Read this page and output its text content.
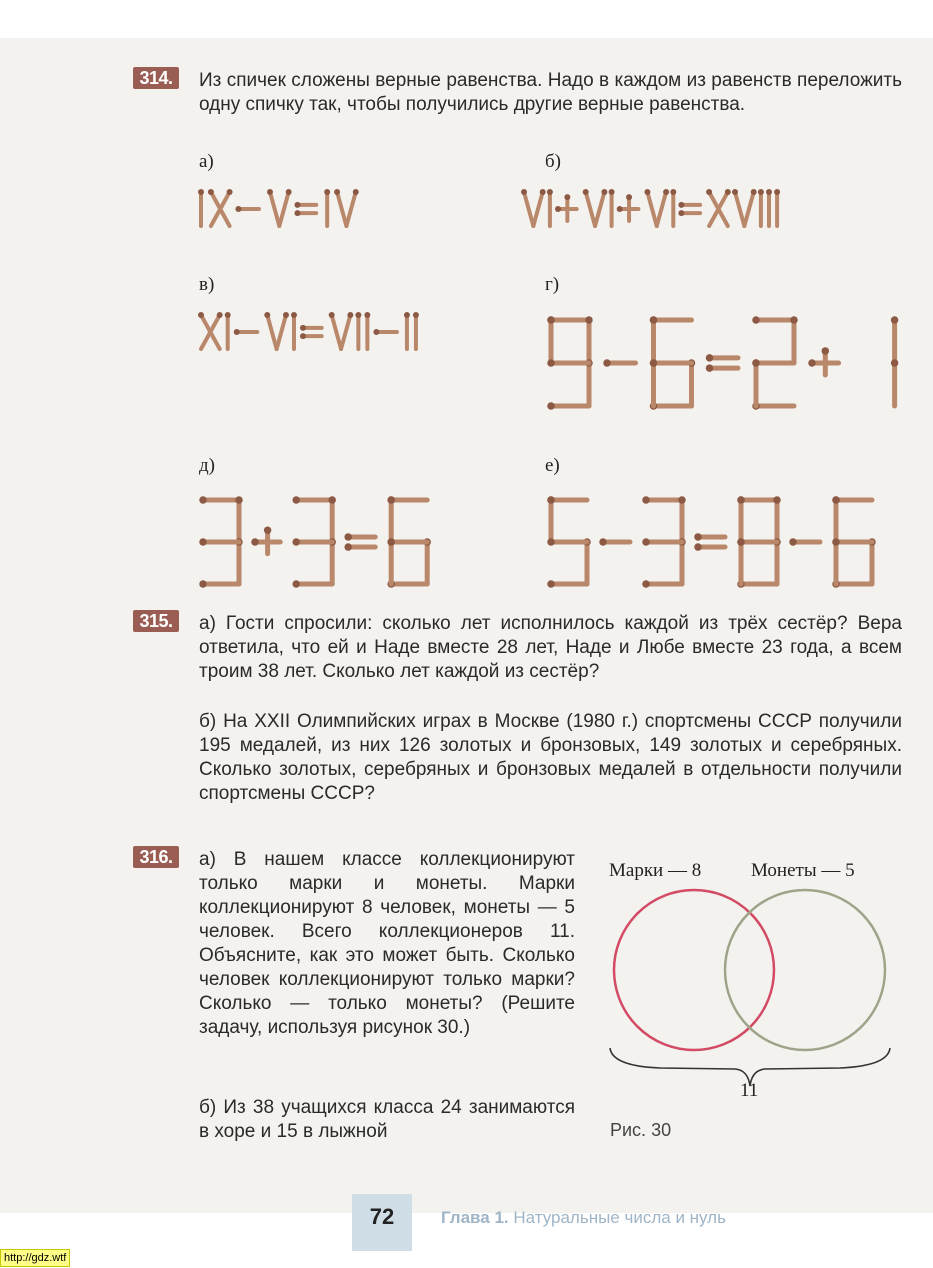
314.	Из спичек сложены верные равенства. Надо в каждом из равенств переложить одну спичку так, чтобы получились другие верные равенства.
а)	б)
в)	г)
д)	е)
315.	а) Гости спросили: сколько лет исполнилось каждой из трёх сестёр? Вера ответила, что ей и Наде вместе 28 лет, Наде и Любе вместе 23 года, а всем троим 38 лет. Сколько лет каждой из сестёр?
б) На XXII Олимпийских играх в Москве (1980 г.) спортсмены СССР получили 195 медалей, из них 126 золотых и бронзовых, 149 золотых и серебряных. Сколько золотых, серебряных и бронзовых медалей в отдельности получили спортсмены СССР?
316.	а) В нашем классе коллекционируют только марки и монеты. Марки коллекционируют 8 человек, монеты — 5 человек. Всего коллекционеров 11. Объясните, как это может быть. Сколько человек коллекционируют только марки? Сколько — только монеты? (Решите задачу, используя рисунок 30.)
б) Из 38 учащихся класса 24 занимаются в хоре и 15 в лыжной
Марки — 8	Монеты — 5
11
Рис. 30
72	Глава 1. Натуральные числа и нуль
http://gdz.wtf
